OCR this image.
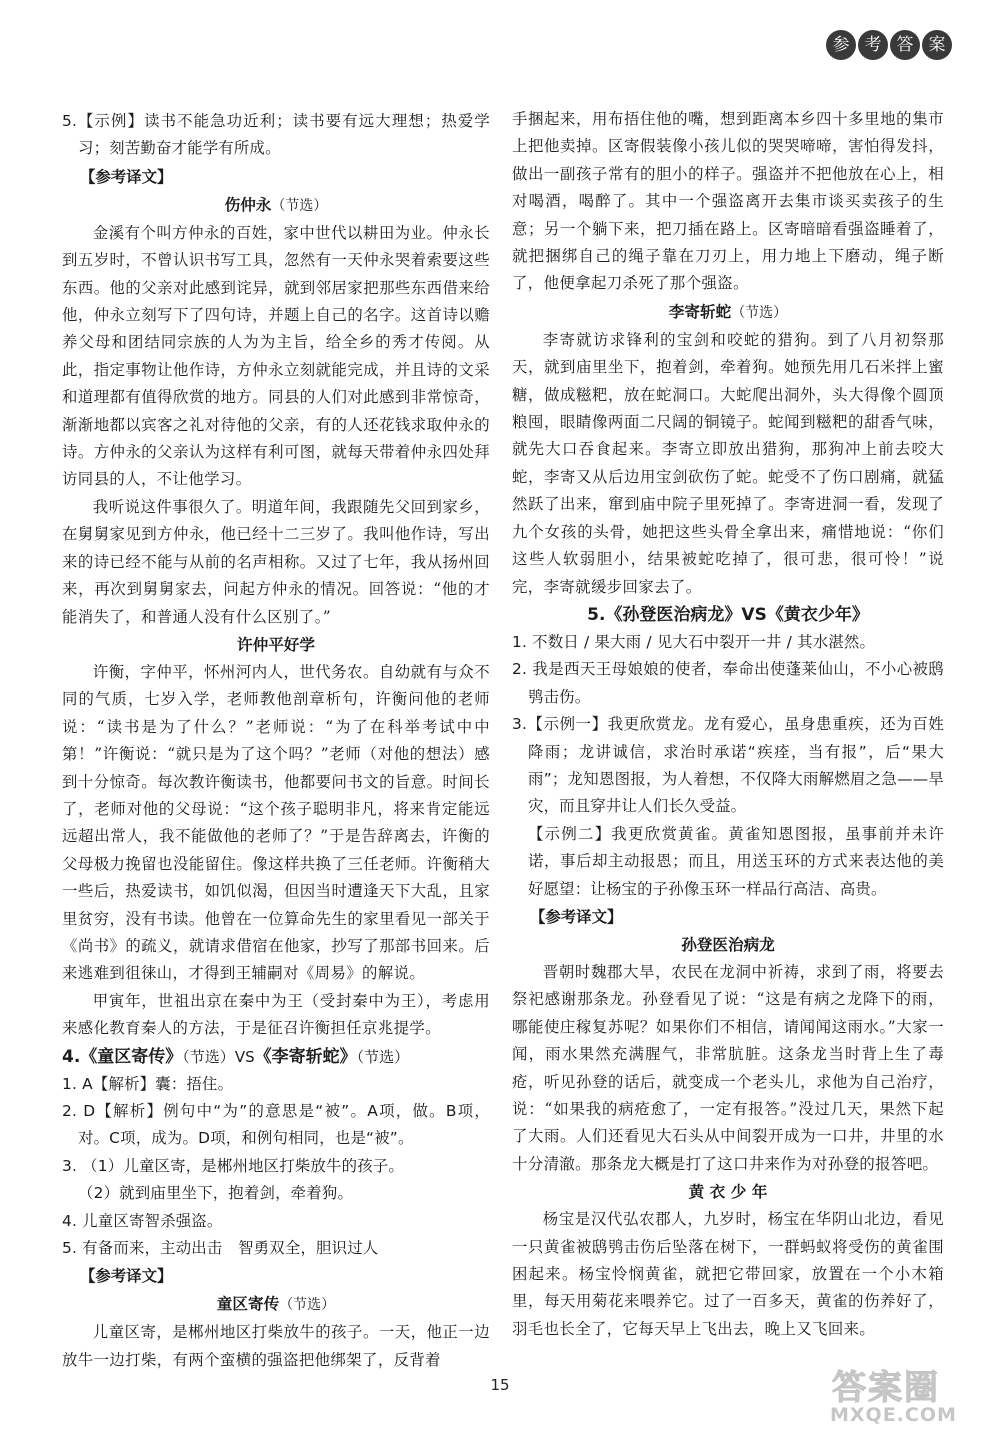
参 考 答 案
5.【示例】读书不能急功近利；读书要有远大理想；热爱学习；刻苦勤奋才能学有所成。
【参考译文】
伤仲永（节选）
金溪有个叫方仲永的百姓，家中世代以耕田为业。仲永长到五岁时，不曾认识书写工具，忽然有一天仲永哭着索要这些东西。他的父亲对此感到诧异，就到邻居家把那些东西借来给他，仲永立刻写下了四句诗，并题上自己的名字。这首诗以赡养父母和团结同宗族的人为为主旨，给全乡的秀才传阅。从此，指定事物让他作诗，方仲永立刻就能完成，并且诗的文采和道理都有值得欣赏的地方。同县的人们对此感到非常惊奇，渐渐地都以宾客之礼对待他的父亲，有的人还花钱求取仲永的诗。方仲永的父亲认为这样有利可图，就每天带着仲永四处拜访同县的人，不让他学习。
我听说这件事很久了。明道年间，我跟随先父回到家乡，在舅舅家见到方仲永，他已经十二三岁了。我叫他作诗，写出来的诗已经不能与从前的名声相称。又过了七年，我从扬州回来，再次到舅舅家去，问起方仲永的情况。回答说：“他的才能消失了，和普通人没有什么区别了。”
许仲平好学
许衡，字仲平，怀州河内人，世代务农。自幼就有与众不同的气质，七岁入学，老师教他剖章析句，许衡问他的老师说：“读书是为了什么？”老师说：“为了在科举考试中中第！”许衡说：“就只是为了这个吗？”老师（对他的想法）感到十分惊奇。每次教许衡读书，他都要问书文的旨意。时间长了，老师对他的父母说：“这个孩子聪明非凡，将来肯定能远远超出常人，我不能做他的老师了？”于是告辞离去，许衡的父母极力挽留也没能留住。像这样共换了三任老师。许衡稍大一些后，热爱读书，如饥似渴，但因当时遭逢天下大乱，且家里贫穷，没有书读。他曾在一位算命先生的家里看见一部关于《尚书》的疏义，就请求借宿在他家，抄写了那部书回来。后来逃难到徂徕山，才得到王辅嗣对《周易》的解说。
甲寅年，世祖出京在秦中为王（受封秦中为王），考虑用来感化教育秦人的方法，于是征召许衡担任京兆提学。
4.《童区寄传》（节选）VS《李寄斩蛇》（节选）
1. A【解析】囊：捂住。
2. D【解析】例句中“为”的意思是“被”。A项，做。B项，对。C项，成为。D项，和例句相同，也是“被”。
3. （1）儿童区寄，是郴州地区打柴放牛的孩子。
（2）就到庙里坐下，抱着剑，牵着狗。
4. 儿童区寄智杀强盗。
5. 有备而来，主动出击　智勇双全，胆识过人
【参考译文】
童区寄传（节选）
儿童区寄，是郴州地区打柴放牛的孩子。一天，他正一边放牛一边打柴，有两个蛮横的强盗把他绑架了，反背着
手捆起来，用布捂住他的嘴，想到距离本乡四十多里地的集市上把他卖掉。区寄假装像小孩儿似的哭哭啼啼，害怕得发抖，做出一副孩子常有的胆小的样子。强盗并不把他放在心上，相对喝酒，喝醉了。其中一个强盗离开去集市谈买卖孩子的生意；另一个躺下来，把刀插在路上。区寄暗暗看强盗睡着了，就把捆绑自己的绳子靠在刀刃上，用力地上下磨动，绳子断了，他便拿起刀杀死了那个强盗。
李寄斩蛇（节选）
李寄就访求锋利的宝剑和咬蛇的猎狗。到了八月初祭那天，就到庙里坐下，抱着剑，牵着狗。她预先用几石米拌上蜜糖，做成糍粑，放在蛇洞口。大蛇爬出洞外，头大得像个圆顶粮囤，眼睛像两面二尺阔的铜镜子。蛇闻到糍粑的甜香气味，就先大口吞食起来。李寄立即放出猎狗，那狗冲上前去咬大蛇，李寄又从后边用宝剑砍伤了蛇。蛇受不了伤口剧痛，就猛然跃了出来，窜到庙中院子里死掉了。李寄进洞一看，发现了九个女孩的头骨，她把这些头骨全拿出来，痛惜地说：“你们这些人软弱胆小，结果被蛇吃掉了，很可悲，很可怜！”说完，李寄就缓步回家去了。
5.《孙登医治病龙》VS《黄衣少年》
1. 不数日 / 果大雨 / 见大石中裂开一井 / 其水湛然。
2. 我是西天王母娘娘的使者，奉命出使蓬莱仙山，不小心被鸱鸮击伤。
3.【示例一】我更欣赏龙。龙有爱心，虽身患重疾，还为百姓降雨；龙讲诚信，求治时承诺“疾痊，当有报”，后“果大雨”；龙知恩图报，为人着想，不仅降大雨解燃眉之急——旱灾，而且穿井让人们长久受益。
【示例二】我更欣赏黄雀。黄雀知恩图报，虽事前并未许诺，事后却主动报恩；而且，用送玉环的方式来表达他的美好愿望：让杨宝的子孙像玉环一样品行高洁、高贵。
【参考译文】
孙登医治病龙
晋朝时魏郡大旱，农民在龙洞中祈祷，求到了雨，将要去祭祀感谢那条龙。孙登看见了说：“这是有病之龙降下的雨，哪能使庄稼复苏呢？如果你们不相信，请闻闻这雨水。”大家一闻，雨水果然充满腥气，非常肮脏。这条龙当时背上生了毒疮，听见孙登的话后，就变成一个老头儿，求他为自己治疗，说：“如果我的病疮愈了，一定有报答。”没过几天，果然下起了大雨。人们还看见大石头从中间裂开成为一口井，井里的水十分清澈。那条龙大概是打了这口井来作为对孙登的报答吧。
黄 衣 少 年
杨宝是汉代弘农郡人，九岁时，杨宝在华阴山北边，看见一只黄雀被鸱鸮击伤后坠落在树下，一群蚂蚁将受伤的黄雀围困起来。杨宝怜悯黄雀，就把它带回家，放置在一个小木箱里，每天用菊花来喂养它。过了一百多天，黄雀的伤养好了，羽毛也长全了，它每天早上飞出去，晚上又飞回来。
15	答案圈
MXQE.COM
